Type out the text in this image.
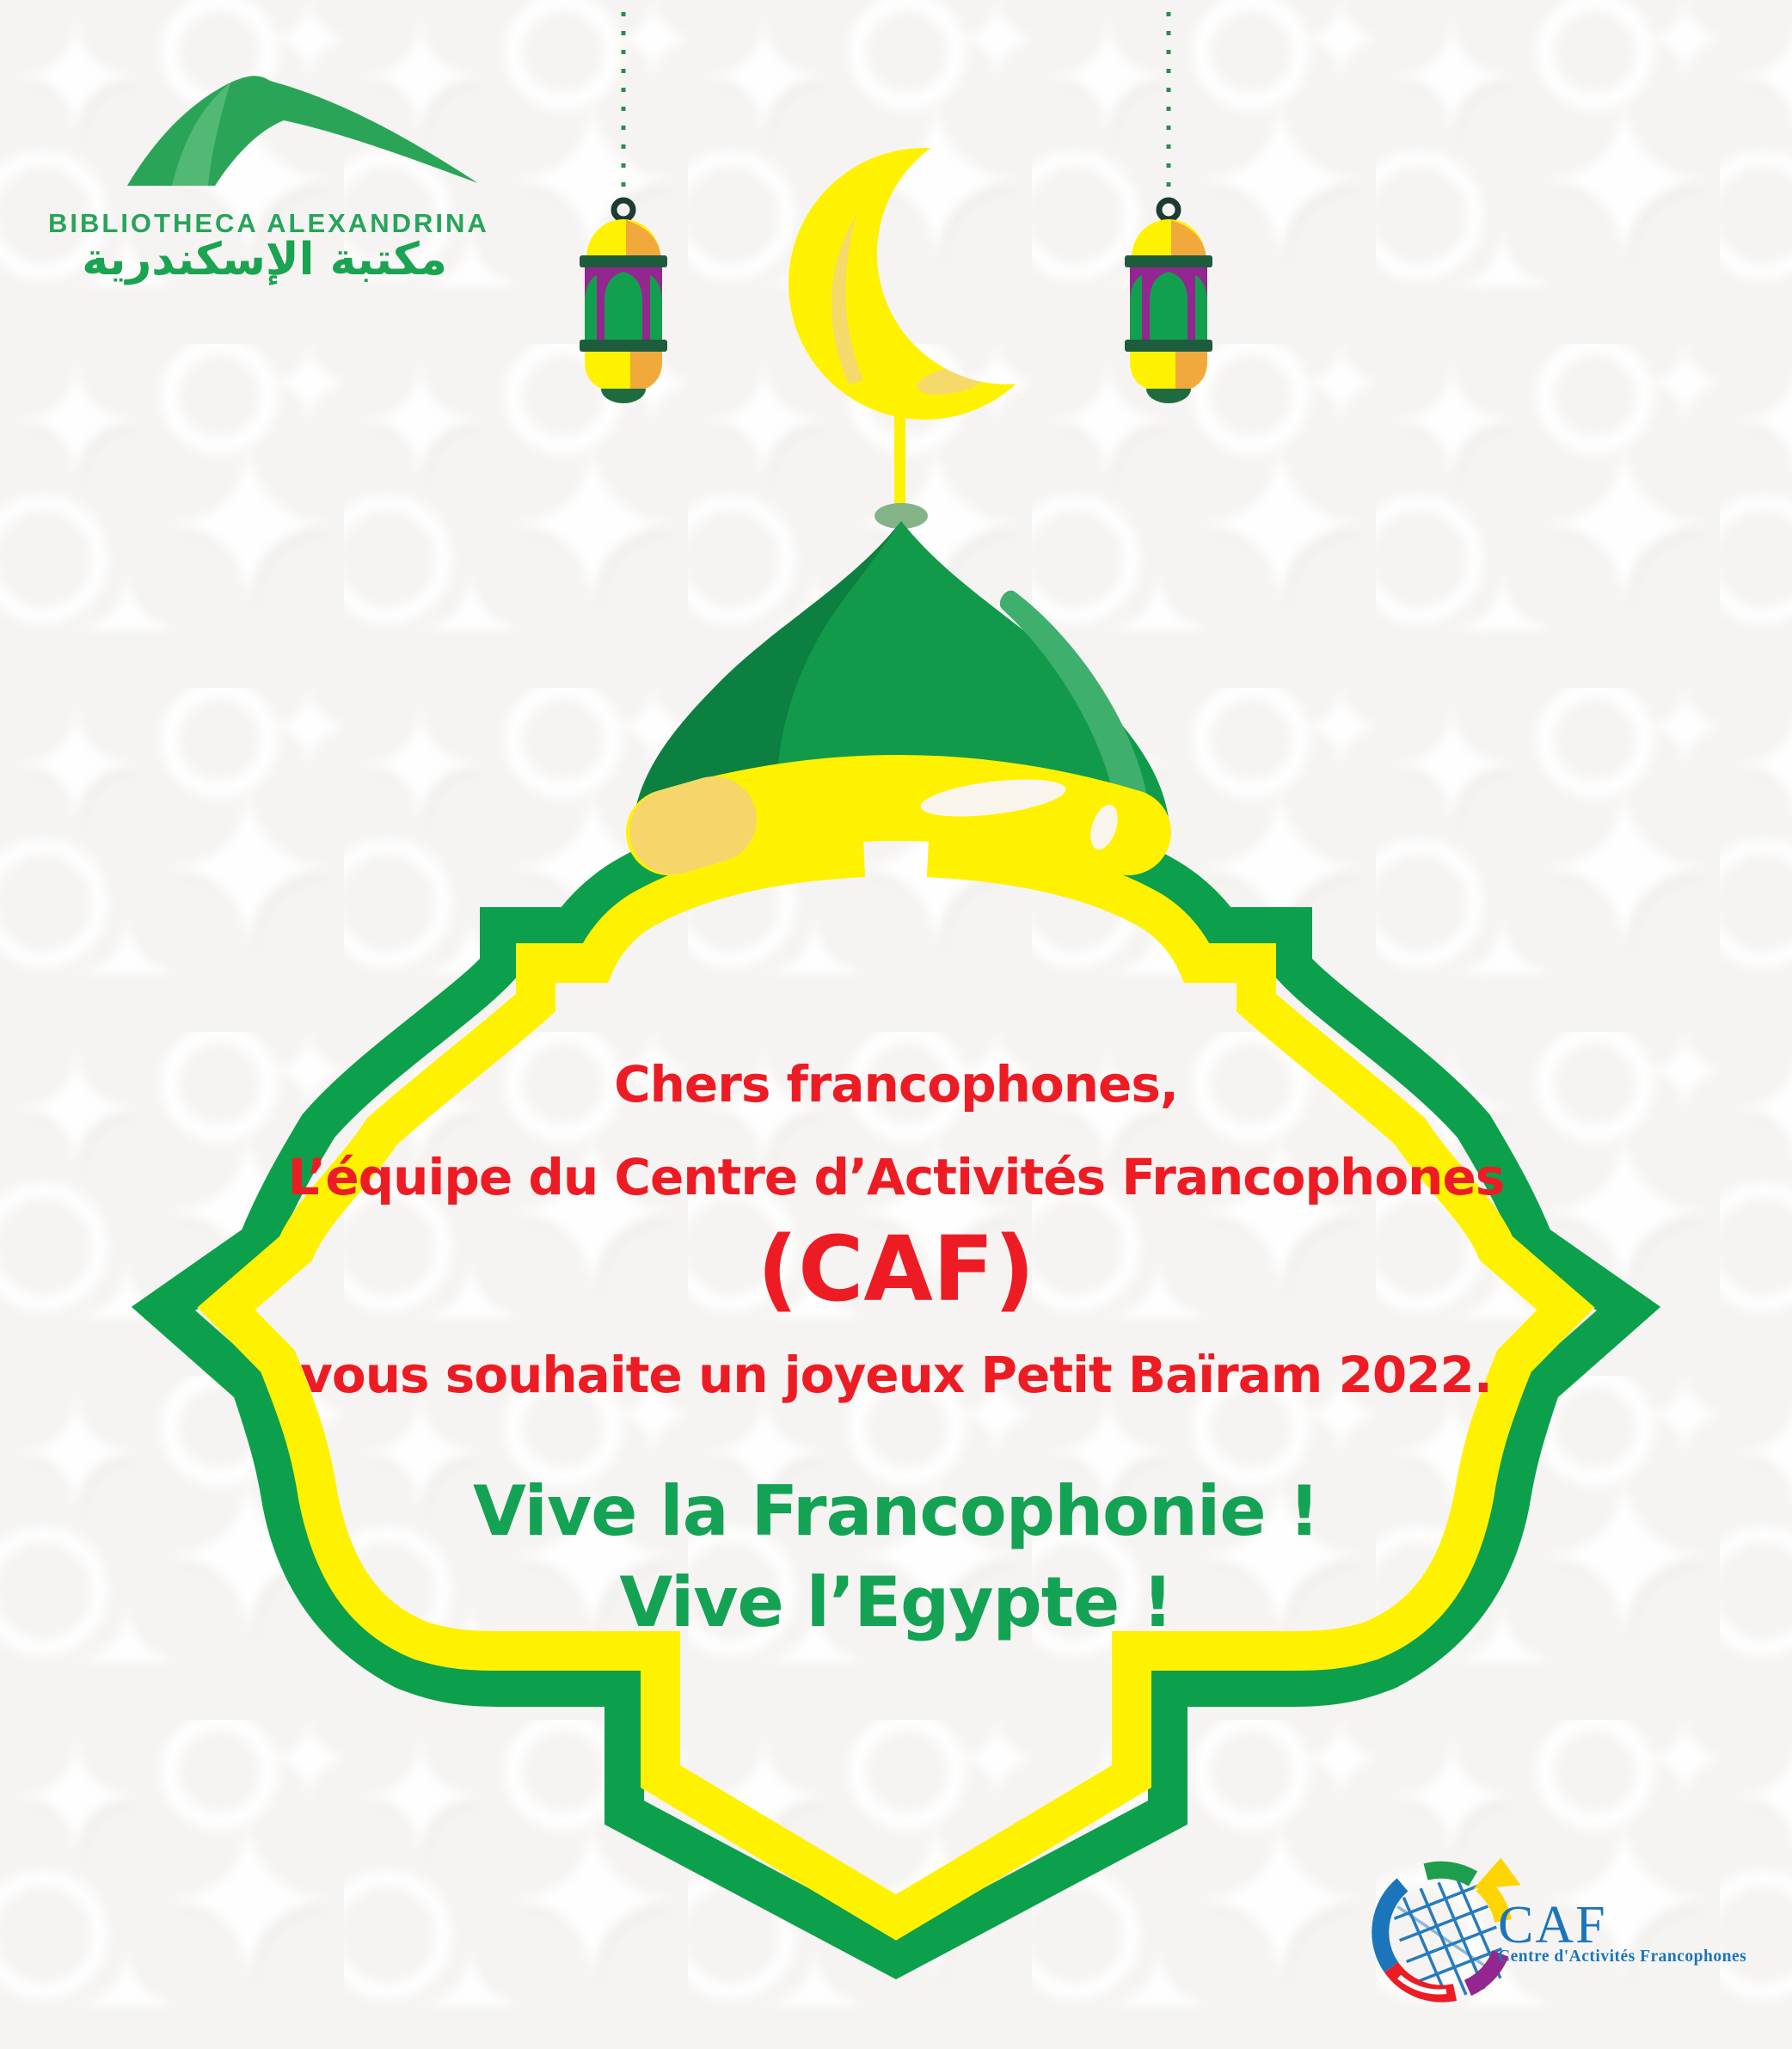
BIBLIOTHECA ALEXANDRINA
مكتبة الإسكندرية
Chers francophones,
L’équipe du Centre d’Activités Francophones
(CAF)
vous souhaite un joyeux Petit Baïram 2022.
Vive la Francophonie !
Vive l’Egypte !
CAF
Centre d'Activités Francophones
